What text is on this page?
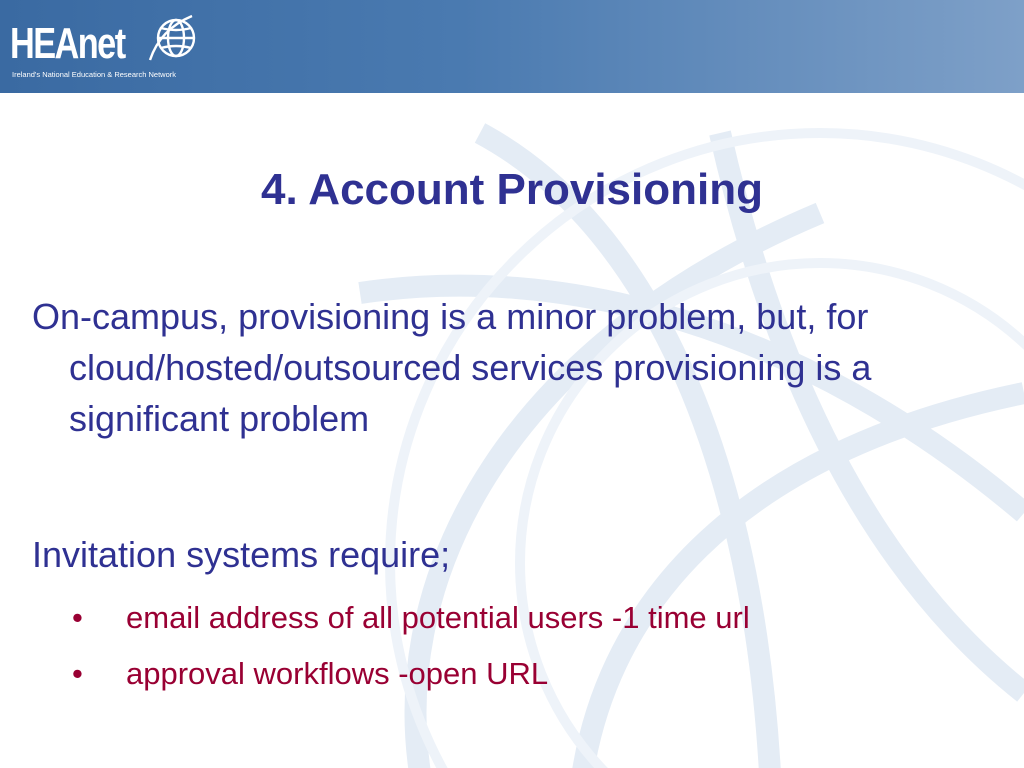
HEAnet
Ireland's National Education & Research Network
4. Account Provisioning
On-campus, provisioning is a minor problem, but, for cloud/hosted/outsourced services provisioning is a significant problem
Invitation systems require;
• email address of all potential users -1 time url
• approval workflows -open URL
